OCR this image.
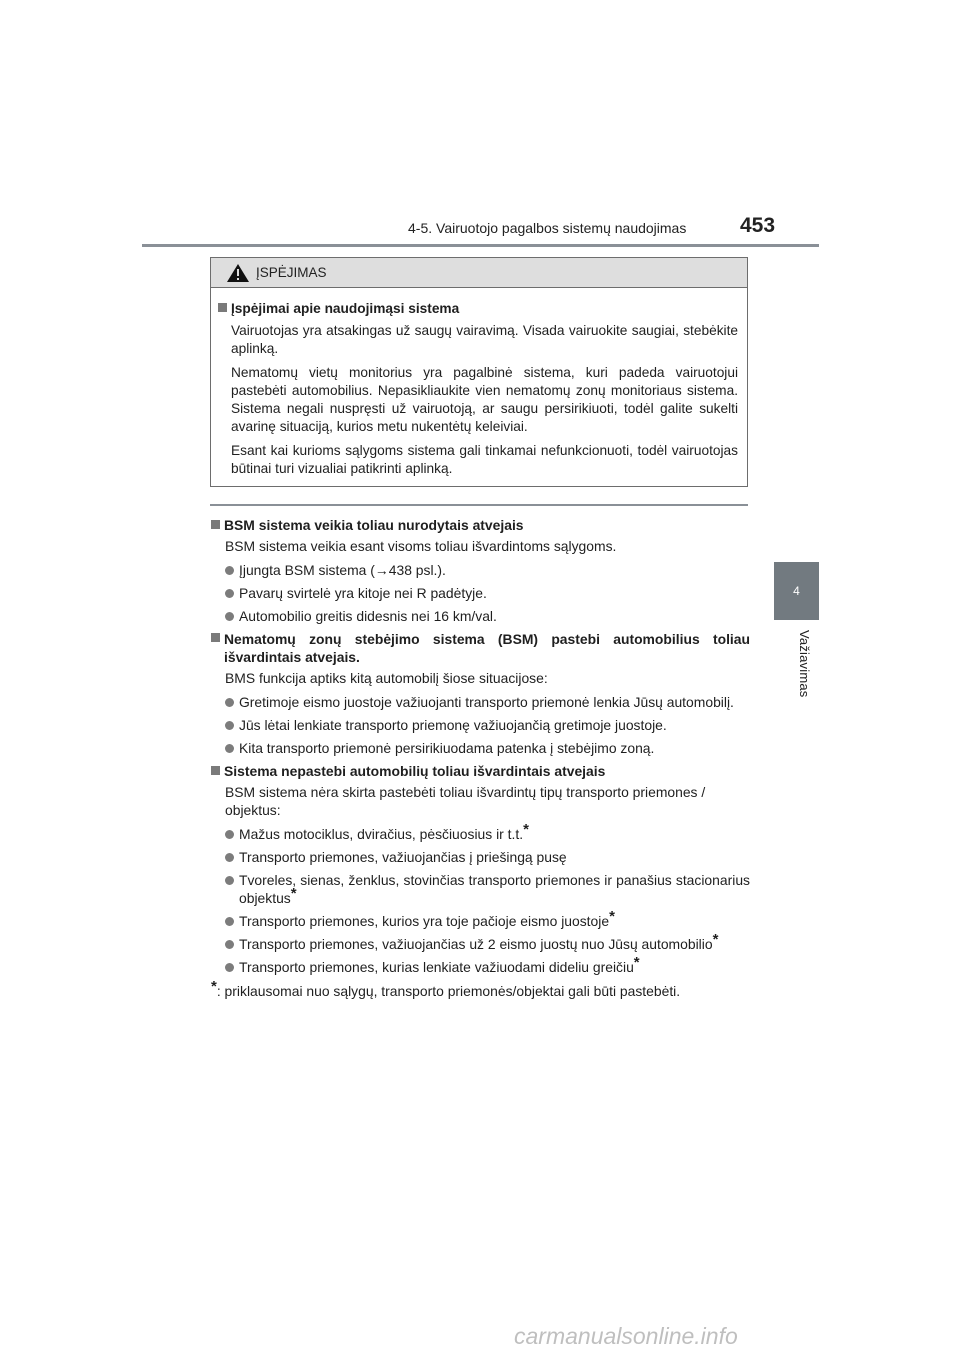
4-5. Vairuotojo pagalbos sistemų naudojimas	453
4
Važiavimas
ĮSPĖJIMAS
Įspėjimai apie naudojimąsi sistema
Vairuotojas yra atsakingas už saugų vairavimą. Visada vairuokite saugiai, stebėkite aplinką.
Nematomų vietų monitorius yra pagalbinė sistema, kuri padeda vairuotojui pastebėti automobilius. Nepasikliaukite vien nematomų zonų monitoriaus sistema. Sistema negali nuspręsti už vairuotoją, ar saugu persirikiuoti, todėl galite sukelti avarinę situaciją, kurios metu nukentėtų keleiviai.
Esant kai kurioms sąlygoms sistema gali tinkamai nefunkcionuoti, todėl vairuotojas būtinai turi vizualiai patikrinti aplinką.
BSM sistema veikia toliau nurodytais atvejais
BSM sistema veikia esant visoms toliau išvardintoms sąlygoms.
Įjungta BSM sistema (→438 psl.).
Pavarų svirtelė yra kitoje nei R padėtyje.
Automobilio greitis didesnis nei 16 km/val.
Nematomų zonų stebėjimo sistema (BSM) pastebi automobilius toliau išvardintais atvejais.
BMS funkcija aptiks kitą automobilį šiose situacijose:
Gretimoje eismo juostoje važiuojanti transporto priemonė lenkia Jūsų automobilį.
Jūs lėtai lenkiate transporto priemonę važiuojančią gretimoje juostoje.
Kita transporto priemonė persirikiuodama patenka į stebėjimo zoną.
Sistema nepastebi automobilių toliau išvardintais atvejais
BSM sistema nėra skirta pastebėti toliau išvardintų tipų transporto priemones / objektus:
Mažus motociklus, dviračius, pėsčiuosius ir t.t.*
Transporto priemones, važiuojančias į priešingą pusę
Tvoreles, sienas, ženklus, stovinčias transporto priemones ir panašius stacionarius objektus*
Transporto priemones, kurios yra toje pačioje eismo juostoje*
Transporto priemones, važiuojančias už 2 eismo juostų nuo Jūsų automobilio*
Transporto priemones, kurias lenkiate važiuodami dideliu greičiu*
*: priklausomai nuo sąlygų, transporto priemonės/objektai gali būti pastebėti.
carmanualsonline.info
